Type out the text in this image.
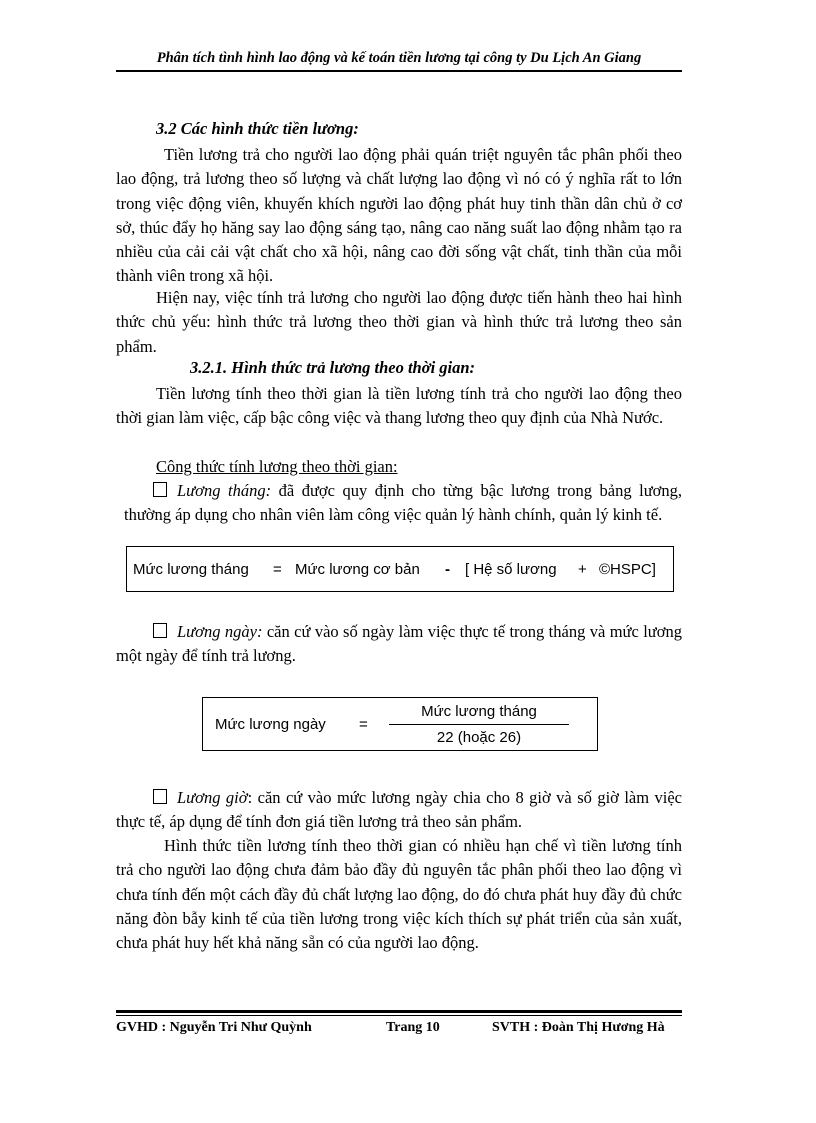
Phân tích tình hình lao động và kế toán tiền lương tại công ty Du Lịch An Giang
3.2 Các hình thức tiền lương:
Tiền lương trả cho người lao động phải quán triệt nguyên tắc phân phối theo lao động, trả lương theo số lượng và chất lượng lao động vì nó có ý nghĩa rất to lớn trong việc động viên, khuyến khích người lao động phát huy tinh thần dân chủ ở cơ sở, thúc đẩy họ hăng say lao động sáng tạo, nâng cao năng suất lao động nhằm tạo ra nhiều của cải cải vật chất cho xã hội, nâng cao đời sống vật chất, tinh thần của mỗi thành viên trong xã hội.
Hiện nay, việc tính trả lương cho người lao động được tiến hành theo hai hình thức chủ yếu: hình thức trả lương theo thời gian và hình thức trả lương theo sản phẩm.
3.2.1. Hình thức trả lương theo thời gian:
Tiền lương tính theo thời gian là tiền lương tính trả cho người lao động theo thời gian làm việc, cấp bậc công việc và thang lương theo quy định của Nhà Nước.
Công thức tính lương theo thời gian:
Lương tháng: đã được quy định cho từng bậc lương trong bảng lương, thường áp dụng cho nhân viên làm công việc quản lý hành chính, quản lý kinh tế.
Mức lương tháng = Mức lương cơ bản - [ Hệ số lương + ©HSPC]
Lương ngày: căn cứ vào số ngày làm việc thực tế trong tháng và mức lương một ngày để tính trả lương.
Mức lương ngày =
Mức lương tháng
22 (hoặc 26)
Lương giờ: căn cứ vào mức lương ngày chia cho 8 giờ và số giờ làm việc thực tế, áp dụng để tính đơn giá tiền lương trả theo sản phẩm.
Hình thức tiền lương tính theo thời gian có nhiều hạn chế vì tiền lương tính trả cho người lao động chưa đảm bảo đầy đủ nguyên tắc phân phối theo lao động vì chưa tính đến một cách đầy đủ chất lượng lao động, do đó chưa phát huy đầy đủ chức năng đòn bẫy kinh tế của tiền lương trong việc kích thích sự phát triển của sản xuất, chưa phát huy hết khả năng sẵn có của người lao động.
GVHD : Nguyễn Tri Như Quỳnh	Trang 10	SVTH : Đoàn Thị Hương Hà
